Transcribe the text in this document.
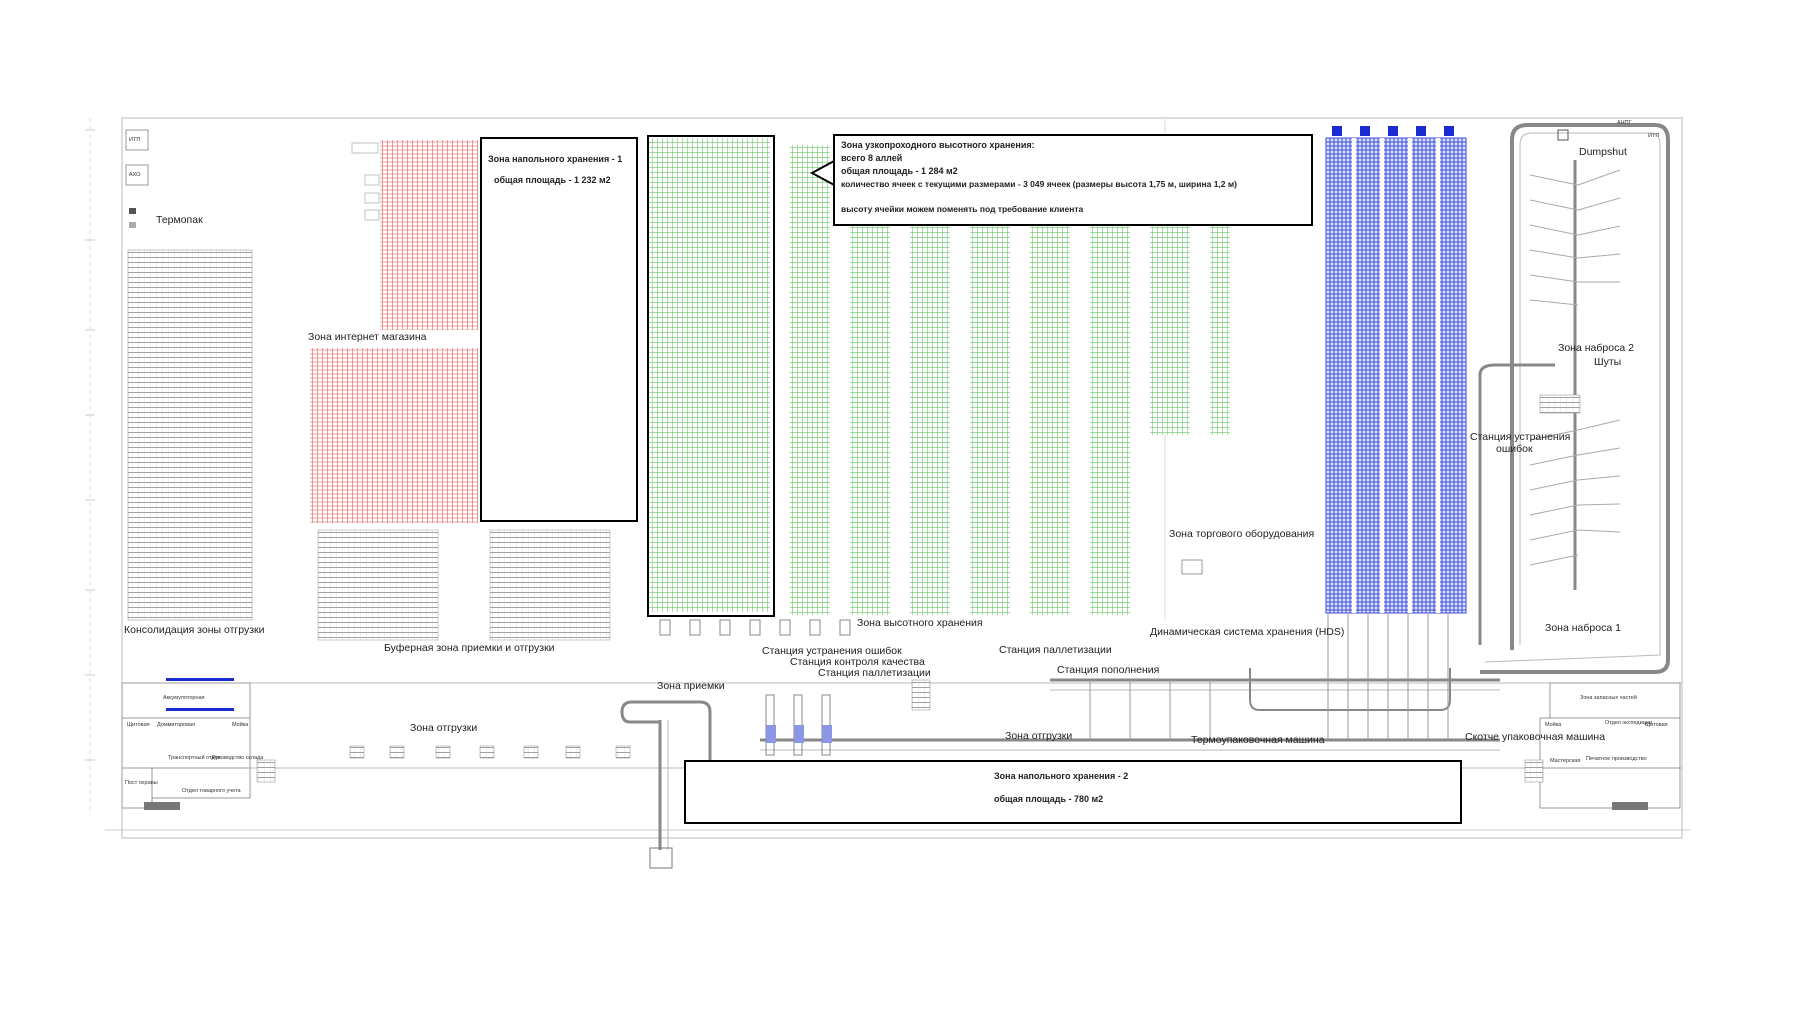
Зона напольного хранения - 1

общая площадь - 1 232 м2

Зона узкопроходного высотного хранения:

всего 8 аллей

общая площадь - 1 284 м2

количество ячеек с текущими размерами - 3 049 ячеек (размеры высота 1,75 м, ширина 1,2 м)

высоту ячейки можем поменять под требование клиента

Зона напольного хранения - 2

общая площадь - 780 м2

Термопак
Зона интернет магазина
Консолидация зоны отгрузки
Буферная зона приемки и отгрузки
Зона высотного хранения
Станция устранения ошибок
Станция контроля качества
Станция паллетизации
Зона приемки
Зона отгрузки
Зона торгового оборудования
Динамическая система хранения (HDS)
Станция паллетизации
Станция пополнения
Зона отгрузки	Термоупаковочная машина	Скотче упаковочная машина
Dumpshut
Зона наброса 2
Шуты
Станция устранения
ошибок
Зона наброса 1
ИТП
АХО
АНПГ
ИТП
Аккумуляторная
Щитовая Доммиторовая	Мойка
Транспортный отдел
Руководство склада
Отдел товарного учета
Пост охраны
Зона запасных частей
Мойка	Отдел экспедиции
Щитовая
Мастерская Печатное производство
